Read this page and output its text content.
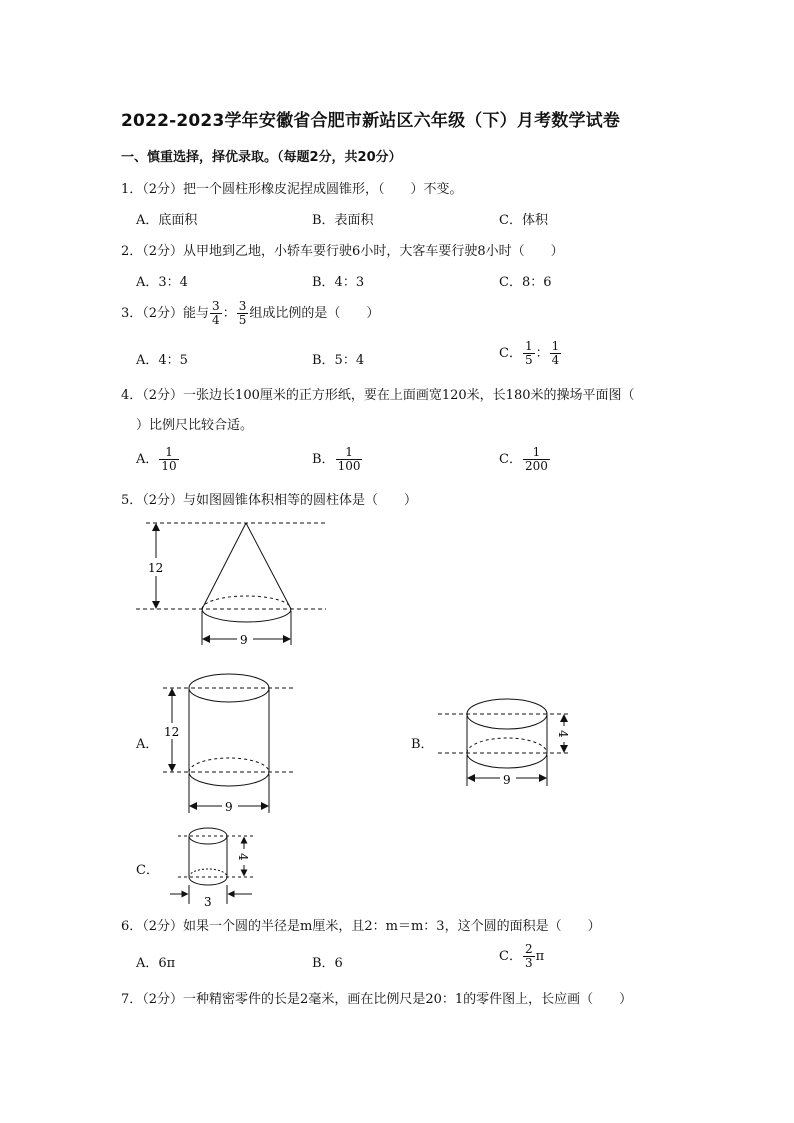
2022-2023学年安徽省合肥市新站区六年级（下）月考数学试卷
一、慎重选择，择优录取。（每题2分，共20分）
1．（2分）把一个圆柱形橡皮泥捏成圆锥形，（　　）不变。
A．底面积	B．表面积	C．体积
2．（2分）从甲地到乙地，小轿车要行驶6小时，大客车要行驶8小时（　　）
A．3：4	B．4：3	C．8：6
3．（2分）能与 $\frac{3}{4}$ ： $\frac{3}{5}$ 组成比例的是（　　）
A．4：5	B．5：4	C． $\frac{1}{5}$ ： $\frac{1}{4}$
4．（2分）一张边长100厘米的正方形纸，要在上面画宽120米，长180米的操场平面图（
）比例尺比较合适。
A． $\frac{1}{10}$	B． $\frac{1}{100}$	C． $\frac{1}{200}$
5．（2分）与如图圆锥体积相等的圆柱体是（　　）
12
9
A．
12
9
B．
4
9
C．
4
3
6．（2分）如果一个圆的半径是m厘米，且2：m＝m：3，这个圆的面积是（　　）
A．6π	B．6	C． $\frac{2}{3}$ π
7．（2分）一种精密零件的长是2毫米，画在比例尺是20：1的零件图上，长应画（　　）
